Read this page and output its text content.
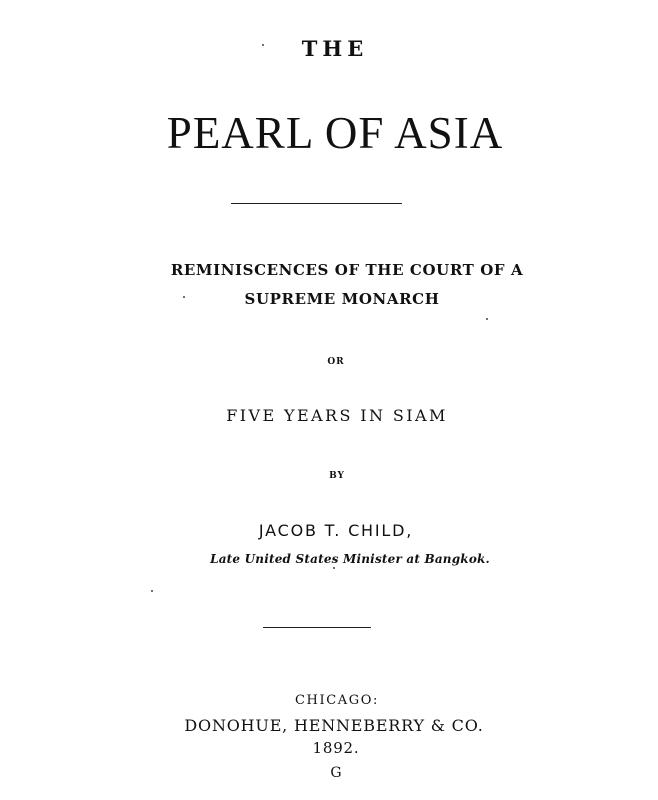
THE
PEARL OF ASIA
REMINISCENCES OF THE COURT OF A
SUPREME MONARCH
OR
FIVE YEARS IN SIAM
BY
JACOB T. CHILD,
Late United States Minister at Bangkok.
CHICAGO:
DONOHUE, HENNEBERRY & CO.
1892.
G
